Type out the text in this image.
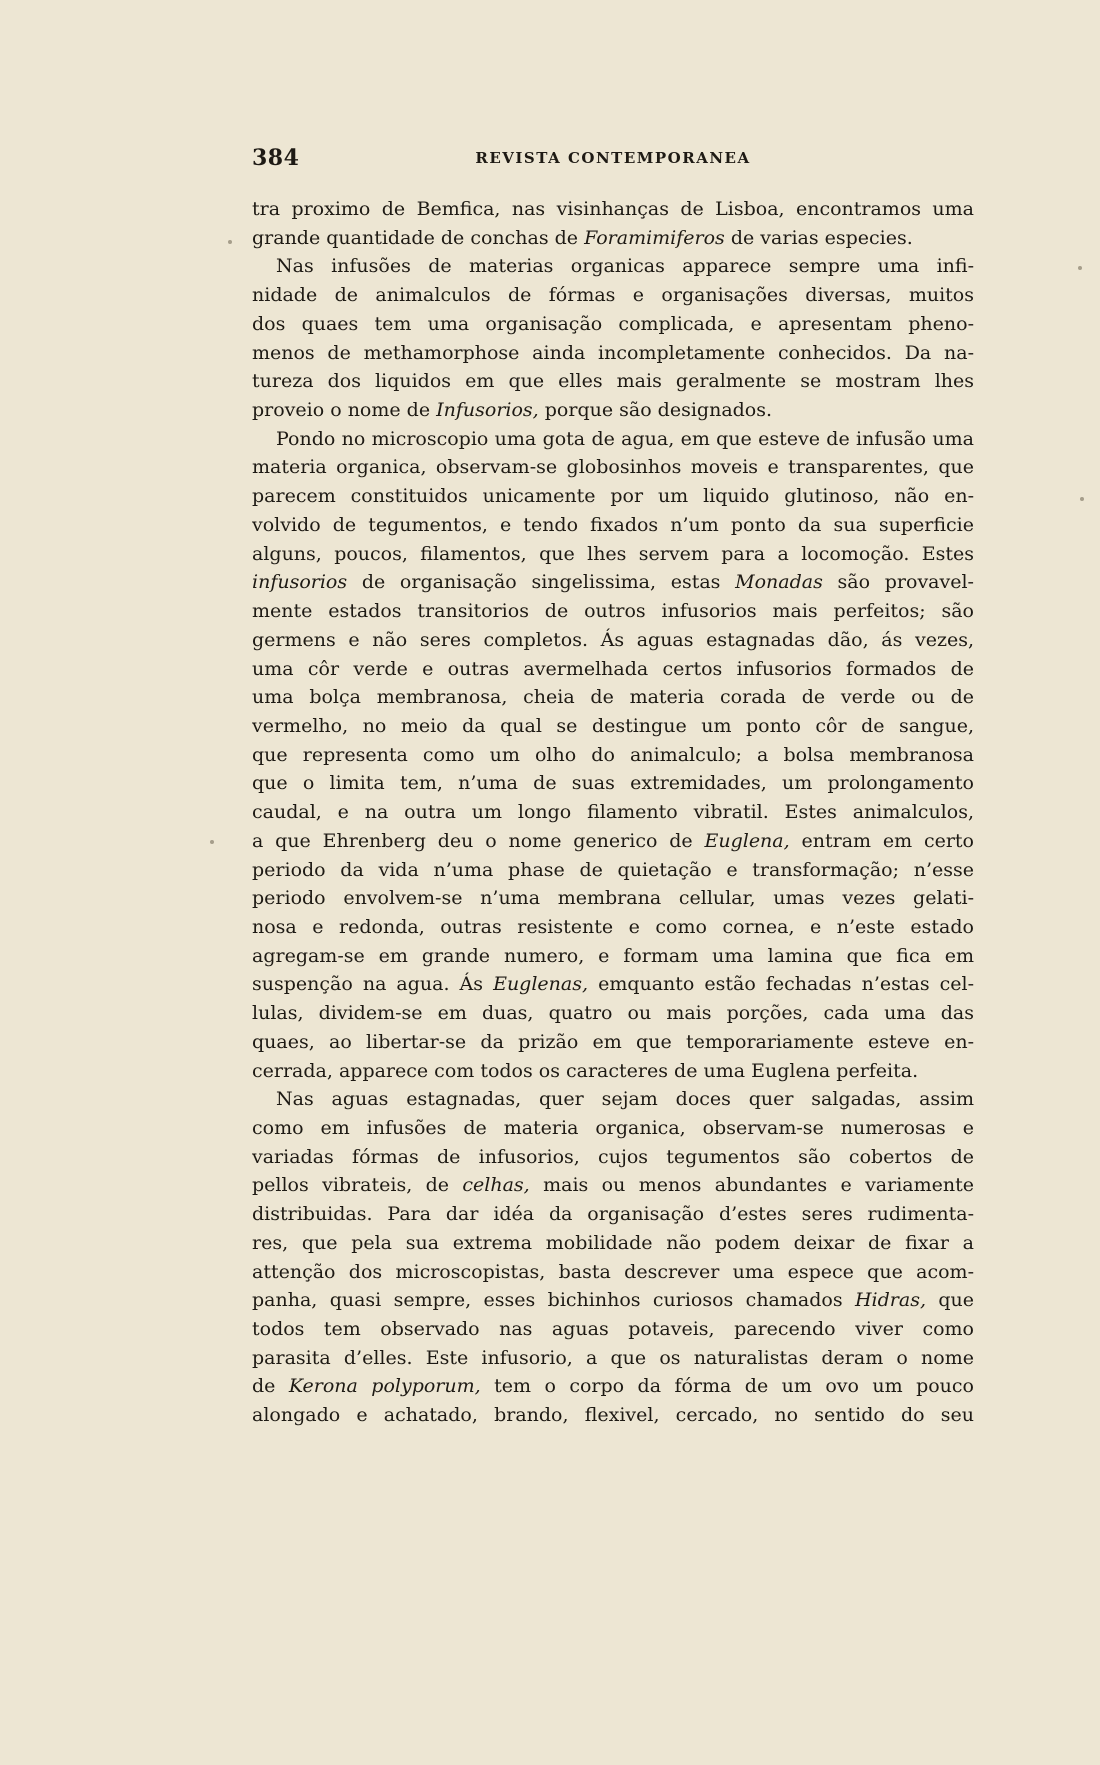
384	REVISTA CONTEMPORANEA
tra proximo de Bemfica, nas visinhanças de Lisboa, encontramos uma
grande quantidade de conchas de Foramimiferos de varias especies.
Nas infusões de materias organicas apparece sempre uma infi-
nidade de animalculos de fórmas e organisações diversas, muitos
dos quaes tem uma organisação complicada, e apresentam pheno-
menos de methamorphose ainda incompletamente conhecidos. Da na-
tureza dos liquidos em que elles mais geralmente se mostram lhes
proveio o nome de Infusorios, porque são designados.
Pondo no microscopio uma gota de agua, em que esteve de infusão uma
materia organica, observam-se globosinhos moveis e transparentes, que
parecem constituidos unicamente por um liquido glutinoso, não en-
volvido de tegumentos, e tendo fixados n’um ponto da sua superficie
alguns, poucos, filamentos, que lhes servem para a locomoção. Estes
infusorios de organisação singelissima, estas Monadas são provavel-
mente estados transitorios de outros infusorios mais perfeitos; são
germens e não seres completos. Ás aguas estagnadas dão, ás vezes,
uma côr verde e outras avermelhada certos infusorios formados de
uma bolça membranosa, cheia de materia corada de verde ou de
vermelho, no meio da qual se destingue um ponto côr de sangue,
que representa como um olho do animalculo; a bolsa membranosa
que o limita tem, n’uma de suas extremidades, um prolongamento
caudal, e na outra um longo filamento vibratil. Estes animalculos,
a que Ehrenberg deu o nome generico de Euglena, entram em certo
periodo da vida n’uma phase de quietação e transformação; n’esse
periodo envolvem-se n’uma membrana cellular, umas vezes gelati-
nosa e redonda, outras resistente e como cornea, e n’este estado
agregam-se em grande numero, e formam uma lamina que fica em
suspenção na agua. Ás Euglenas, emquanto estão fechadas n’estas cel-
lulas, dividem-se em duas, quatro ou mais porções, cada uma das
quaes, ao libertar-se da prizão em que temporariamente esteve en-
cerrada, apparece com todos os caracteres de uma Euglena perfeita.
Nas aguas estagnadas, quer sejam doces quer salgadas, assim
como em infusões de materia organica, observam-se numerosas e
variadas fórmas de infusorios, cujos tegumentos são cobertos de
pellos vibrateis, de celhas, mais ou menos abundantes e variamente
distribuidas. Para dar idéa da organisação d’estes seres rudimenta-
res, que pela sua extrema mobilidade não podem deixar de fixar a
attenção dos microscopistas, basta descrever uma espece que acom-
panha, quasi sempre, esses bichinhos curiosos chamados Hidras, que
todos tem observado nas aguas potaveis, parecendo viver como
parasita d’elles. Este infusorio, a que os naturalistas deram o nome
de Kerona polyporum, tem o corpo da fórma de um ovo um pouco
alongado e achatado, brando, flexivel, cercado, no sentido do seu
